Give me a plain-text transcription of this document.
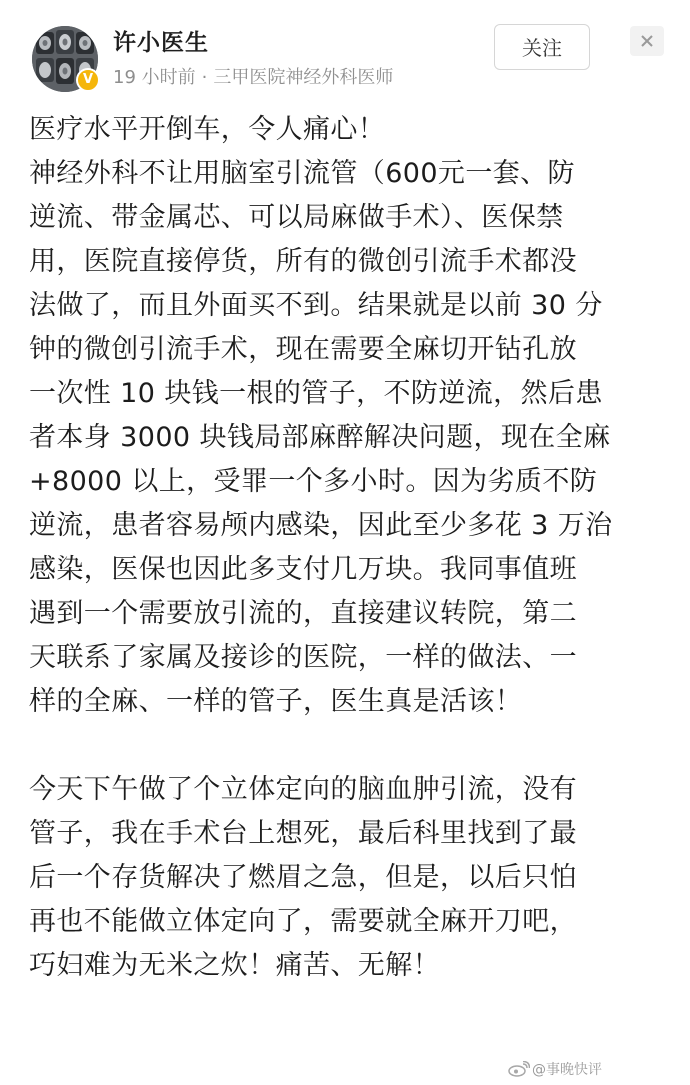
V
许小医生
19 小时前 · 三甲医院神经外科医师
关注

医疗水平开倒车，令人痛心！

神经外科不让用脑室引流管（600元一套、防

逆流、带金属芯、可以局麻做手术）、医保禁

用，医院直接停货，所有的微创引流手术都没

法做了，而且外面买不到。结果就是以前 30 分

钟的微创引流手术，现在需要全麻切开钻孔放

一次性 10 块钱一根的管子，不防逆流，然后患

者本身 3000 块钱局部麻醉解决问题，现在全麻

+8000 以上，受罪一个多小时。因为劣质不防

逆流，患者容易颅内感染，因此至少多花 3 万治

感染，医保也因此多支付几万块。我同事值班

遇到一个需要放引流的，直接建议转院，第二

天联系了家属及接诊的医院，一样的做法、一

样的全麻、一样的管子，医生真是活该！

今天下午做了个立体定向的脑血肿引流，没有

管子，我在手术台上想死，最后科里找到了最

后一个存货解决了燃眉之急，但是，以后只怕

再也不能做立体定向了，需要就全麻开刀吧，

巧妇难为无米之炊！痛苦、无解！

@事晚快评
